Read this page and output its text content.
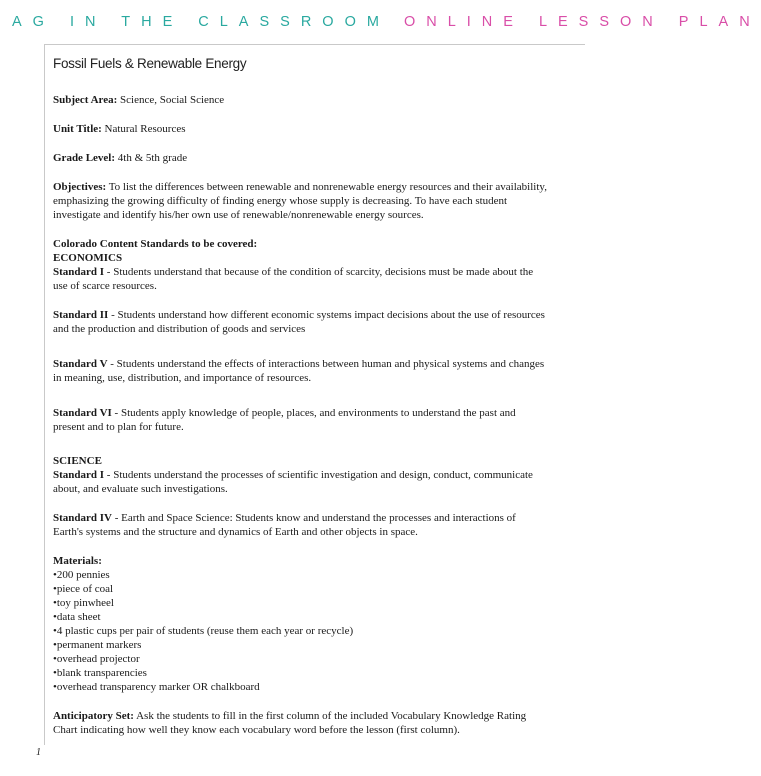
AG IN THE CLASSROOM ONLINE LESSON PLAN
Fossil Fuels & Renewable Energy

Subject Area: Science, Social Science

Unit Title: Natural Resources

Grade Level: 4th & 5th grade

Objectives: To list the differences between renewable and nonrenewable energy resources and their availability, emphasizing the growing difficulty of finding energy whose supply is decreasing. To have each student investigate and identify his/her own use of renewable/nonrenewable energy sources.

Colorado Content Standards to be covered:

ECONOMICS

Standard I - Students understand that because of the condition of scarcity, decisions must be made about the use of scarce resources.

Standard II - Students understand how different economic systems impact decisions about the use of resources and the production and distribution of goods and services

Standard V - Students understand the effects of interactions between human and physical systems and changes in meaning, use, distribution, and importance of resources.

Standard VI - Students apply knowledge of people, places, and environments to understand the past and present and to plan for future.

SCIENCE

Standard I - Students understand the processes of scientific investigation and design, conduct, communicate about, and evaluate such investigations.

Standard IV - Earth and Space Science: Students know and understand the processes and interactions of Earth's systems and the structure and dynamics of Earth and other objects in space.

Materials:

• 200 pennies
• piece of coal
• toy pinwheel
• data sheet
• 4 plastic cups per pair of students (reuse them each year or recycle)
• permanent markers
• overhead projector
• blank transparencies
• overhead transparency marker OR chalkboard

Anticipatory Set: Ask the students to fill in the first column of the included Vocabulary Knowledge Rating Chart indicating how well they know each vocabulary word before the lesson (first column).

1
